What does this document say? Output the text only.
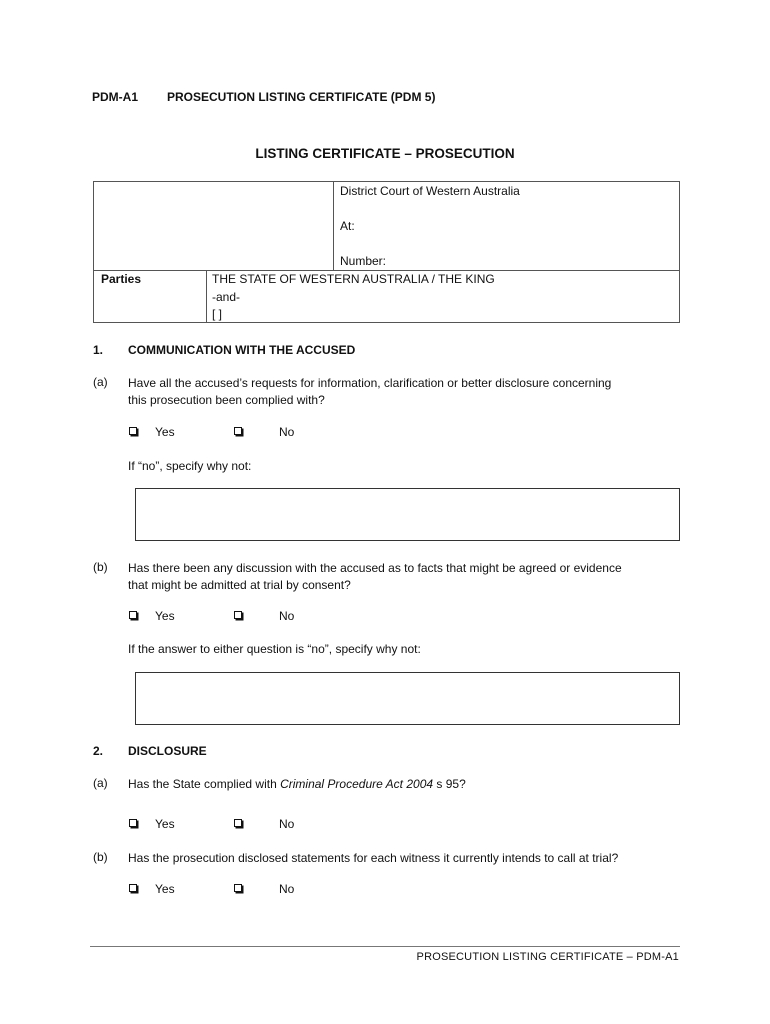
PDM-A1 PROSECUTION LISTING CERTIFICATE (PDM 5)
LISTING CERTIFICATE – PROSECUTION
District Court of Western Australia
At:
Number:
Parties	THE STATE OF WESTERN AUSTRALIA / THE KING
-and-
[ ]
1. COMMUNICATION WITH THE ACCUSED
(a) Have all the accused’s requests for information, clarification or better disclosure concerning
this prosecution been complied with?
Yes	No
If “no”, specify why not:
(b) Has there been any discussion with the accused as to facts that might be agreed or evidence
that might be admitted at trial by consent?
Yes	No
If the answer to either question is “no”, specify why not:
2. DISCLOSURE
(a) Has the State complied with Criminal Procedure Act 2004 s 95?
Yes	No
(b) Has the prosecution disclosed statements for each witness it currently intends to call at trial?
Yes	No
PROSECUTION LISTING CERTIFICATE – PDM-A1
